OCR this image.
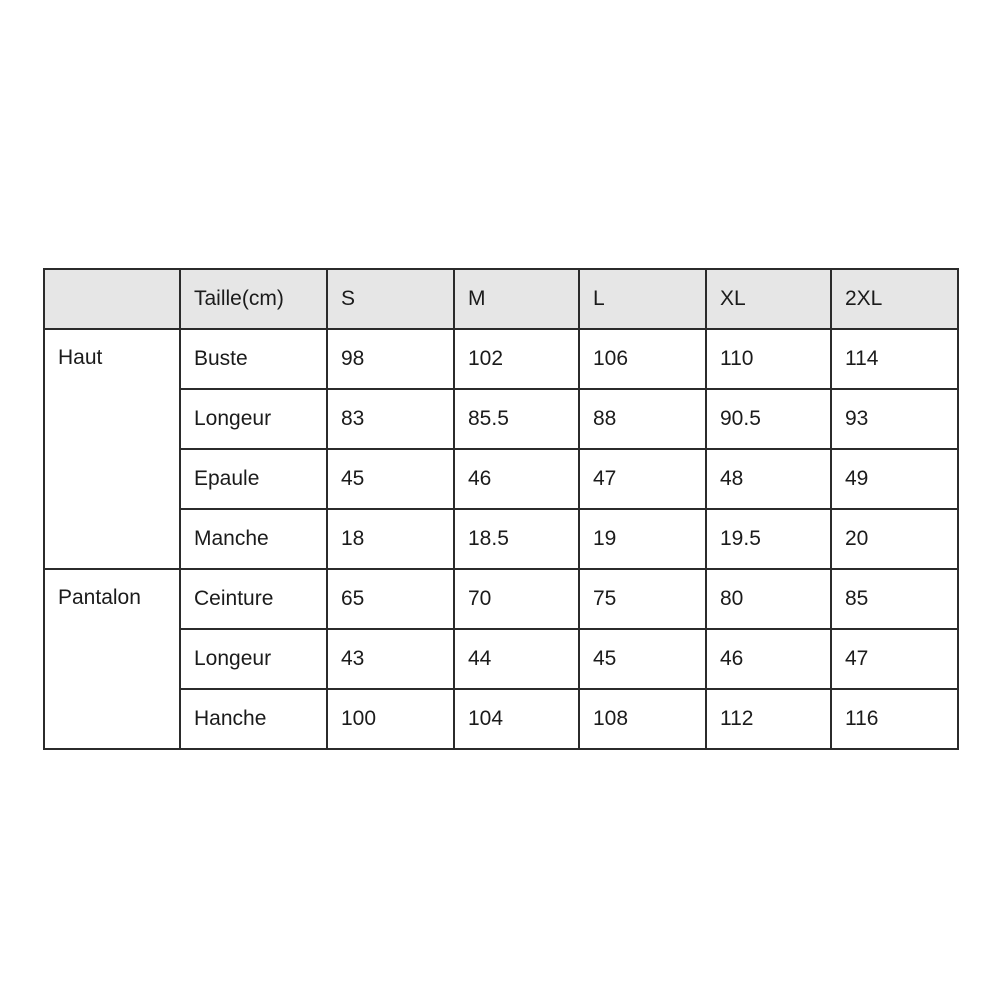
	Taille(cm)	S	M	L	XL	2XL
Haut	Buste	98	102	106	110	114
	Longeur	83	85.5	88	90.5	93
	Epaule	45	46	47	48	49
	Manche	18	18.5	19	19.5	20
Pantalon	Ceinture	65	70	75	80	85
	Longeur	43	44	45	46	47
	Hanche	100	104	108	112	116
